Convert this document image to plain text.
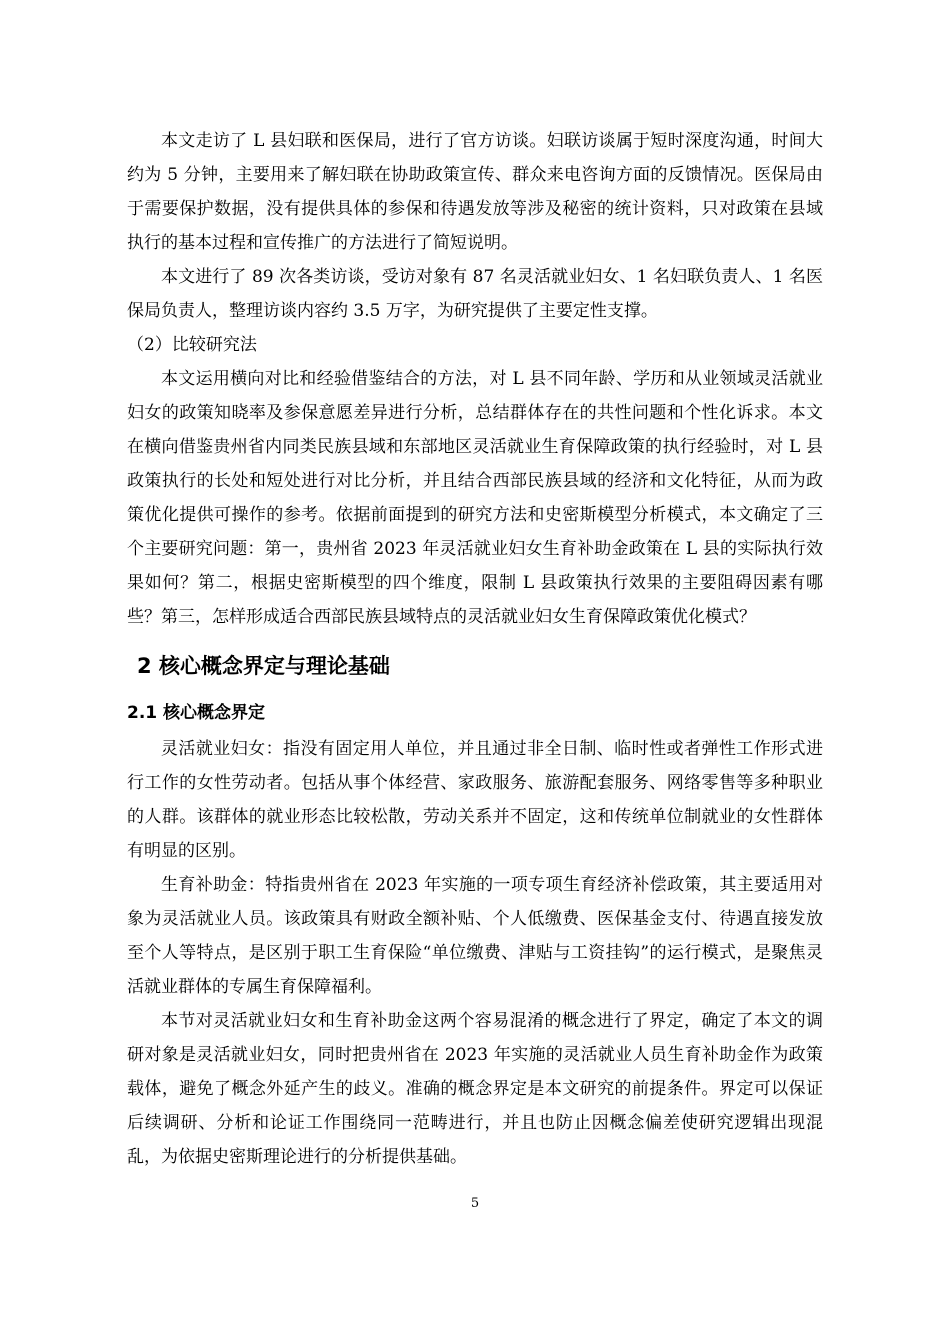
本文走访了 L 县妇联和医保局，进行了官方访谈。妇联访谈属于短时深度沟通，时间大约为 5 分钟，主要用来了解妇联在协助政策宣传、群众来电咨询方面的反馈情况。医保局由于需要保护数据，没有提供具体的参保和待遇发放等涉及秘密的统计资料，只对政策在县域执行的基本过程和宣传推广的方法进行了简短说明。

本文进行了 89 次各类访谈，受访对象有 87 名灵活就业妇女、1 名妇联负责人、1 名医保局负责人，整理访谈内容约 3.5 万字，为研究提供了主要定性支撑。

（2）比较研究法

本文运用横向对比和经验借鉴结合的方法，对 L 县不同年龄、学历和从业领域灵活就业妇女的政策知晓率及参保意愿差异进行分析，总结群体存在的共性问题和个性化诉求。本文在横向借鉴贵州省内同类民族县域和东部地区灵活就业生育保障政策的执行经验时，对 L 县政策执行的长处和短处进行对比分析，并且结合西部民族县域的经济和文化特征，从而为政策优化提供可操作的参考。依据前面提到的研究方法和史密斯模型分析模式，本文确定了三个主要研究问题：第一，贵州省 2023 年灵活就业妇女生育补助金政策在 L 县的实际执行效果如何？第二，根据史密斯模型的四个维度，限制 L 县政策执行效果的主要阻碍因素有哪些？第三，怎样形成适合西部民族县域特点的灵活就业妇女生育保障政策优化模式？

2 核心概念界定与理论基础
2.1 核心概念界定

灵活就业妇女：指没有固定用人单位，并且通过非全日制、临时性或者弹性工作形式进行工作的女性劳动者。包括从事个体经营、家政服务、旅游配套服务、网络零售等多种职业的人群。该群体的就业形态比较松散，劳动关系并不固定，这和传统单位制就业的女性群体有明显的区别。

生育补助金：特指贵州省在 2023 年实施的一项专项生育经济补偿政策，其主要适用对象为灵活就业人员。该政策具有财政全额补贴、个人低缴费、医保基金支付、待遇直接发放至个人等特点，是区别于职工生育保险“单位缴费、津贴与工资挂钩”的运行模式，是聚焦灵活就业群体的专属生育保障福利。

本节对灵活就业妇女和生育补助金这两个容易混淆的概念进行了界定，确定了本文的调研对象是灵活就业妇女，同时把贵州省在 2023 年实施的灵活就业人员生育补助金作为政策载体，避免了概念外延产生的歧义。准确的概念界定是本文研究的前提条件。界定可以保证后续调研、分析和论证工作围绕同一范畴进行，并且也防止因概念偏差使研究逻辑出现混乱，为依据史密斯理论进行的分析提供基础。

5
